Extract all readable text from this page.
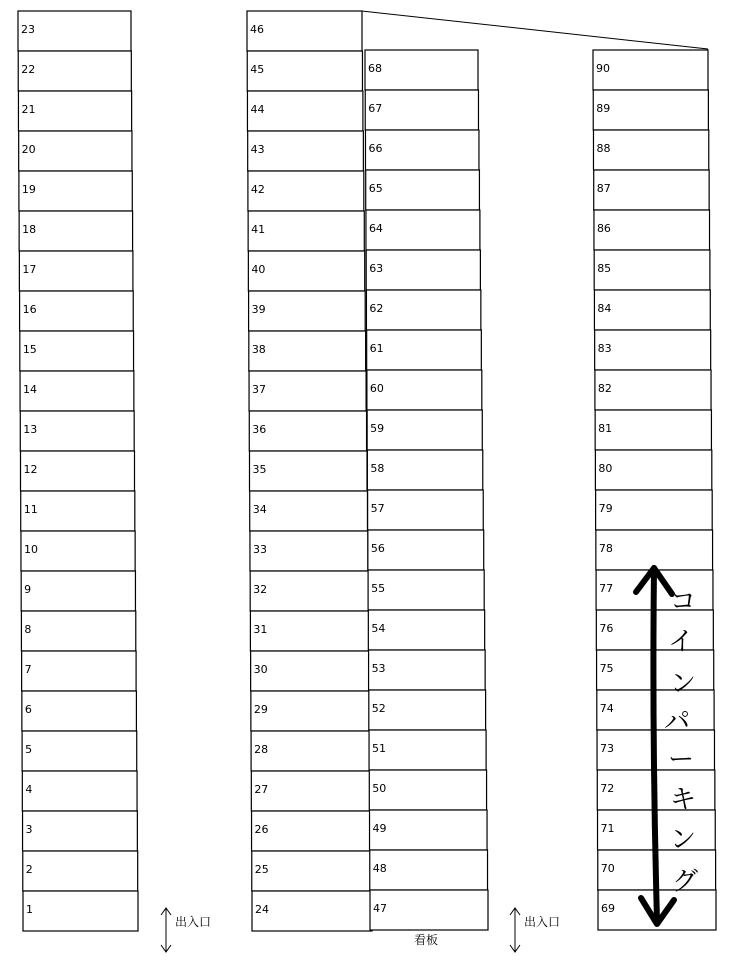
23
22
21
20
19
18
17
16
15
14
13
12
11
10
9
8
7
6
5
4
3
2
1
46
45
44
43
42
41
40
39
38
37
36
35
34
33
32
31
30
29
28
27
26
25
24
68
67
66
65
64
63
62
61
60
59
58
57
56
55
54
53
52
51
50
49
48
47
90
89
88
87
86
85
84
83
82
81
80
79
78
77
76
75
74
73
72
71
70
69
出入口	出入口
看板
コ
イ
ン
パ
ー
キ
ン
グ
